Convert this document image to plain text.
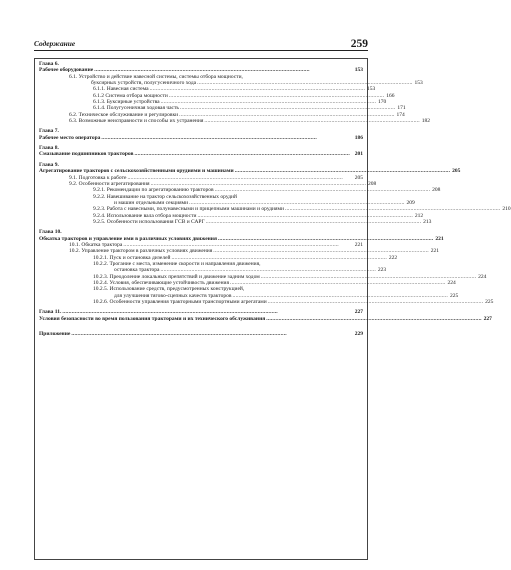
Содержание	259
Глава 6.
Рабочее оборудование . . .	153
6.1. Устройство и действие навесной системы, системы отбора мощности,
буксирных устройств, полугусеничного хода . . .	153
6.1.1. Навесная система . . .	153
6.1.2 Система отбора мощности . . .	166
6.1.3. Буксирные устройства . . .	170
6.1.4. Полугусеничная ходовая часть . . .	171
6.2. Техническое обслуживание и регулировки . . .	174
6.3. Возможные неисправности и способы их устранения . . .	182
Глава 7.
Рабочее место оператора . . .	186
Глава 8.
Смазывание подшипников тракторов . . .	201
Глава 9.
Агрегатирование тракторов с сельскохозяйственными орудиями и машинами . . .	205
9.1. Подготовка к работе . . .	205
9.2. Особенности агрегатирования . . .	208
9.2.1. Рекомендации по агрегатированию тракторов . . .	208
9.2.2. Навешивание на трактор сельскохозяйственных орудий
и машин отдельными секциями . . .	209
9.2.3. Работа с навесными, полунавесными и прицепными машинами и орудиями . . .	210
9.2.4. Использование вала отбора мощности . . .	212
9.2.5. Особенности использования ГСВ и САРГ . . .	213
Глава 10.
Обкатка тракторов и управление ими в различных условиях движения . . .	221
10.1. Обкатка трактора . . .	221
10.2. Управление трактором в различных условиях движения . . .	221
10.2.1. Пуск и остановка дизелей . . .	222
10.2.2. Трогание с места, изменение скорости и направления движения,
остановка трактора . . .	223
10.2.3. Преодоление локальных препятствий и движение задним ходом . . .	224
10.2.4. Условия, обеспечивающие устойчивость движения . . .	224
10.2.5. Использование средств, предусмотренных конструкцией,
для улучшения тягово-сцепных качеств тракторов . . .	225
10.2.6. Особенности управления тракторными транспортными агрегатами . . .	225
Глава 11. . . .	227
Условия безопасности во время пользования тракторами и их технического обслуживания . . .	227
Приложение . . .	229
